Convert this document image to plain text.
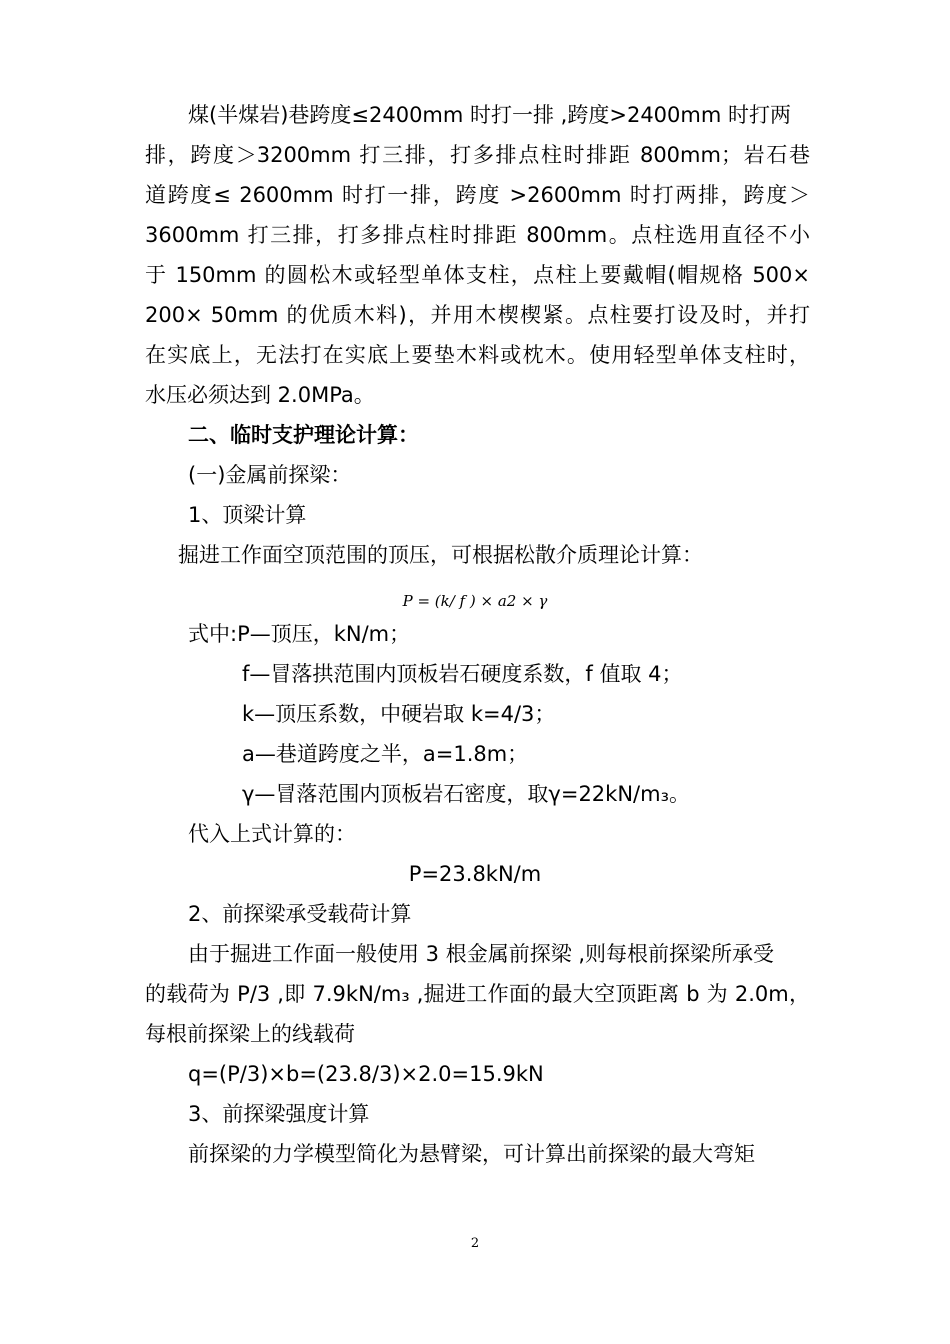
煤(半煤岩)巷跨度≤2400mm 时打一排 ,跨度>2400mm 时打两

排，跨度＞3200mm 打三排，打多排点柱时排距 800mm；岩石巷

道跨度≤ 2600mm 时打一排，跨度 >2600mm 时打两排，跨度＞

3600mm 打三排，打多排点柱时排距 800mm。点柱选用直径不小

于 150mm 的圆松木或轻型单体支柱，点柱上要戴帽(帽规格 500×

200× 50mm 的优质木料)，并用木楔楔紧。点柱要打设及时，并打

在实底上，无法打在实底上要垫木料或枕木。使用轻型单体支柱时，

水压必须达到 2.0MPa。

二、临时支护理论计算：

(一)金属前探梁：

1、顶梁计算

掘进工作面空顶范围的顶压，可根据松散介质理论计算：

P = (k∕ f ) × a2 × γ

式中:P—顶压，kN/m；

f—冒落拱范围内顶板岩石硬度系数，f 值取 4；

k—顶压系数，中硬岩取 k=4/3；

a—巷道跨度之半，a=1.8m；

γ—冒落范围内顶板岩石密度，取γ=22kN/m₃。

代入上式计算的：

P=23.8kN/m

2、前探梁承受载荷计算

由于掘进工作面一般使用 3 根金属前探梁 ,则每根前探梁所承受

的载荷为 P/3 ,即 7.9kN/m₃ ,掘进工作面的最大空顶距离 b 为 2.0m，

每根前探梁上的线载荷

q=(P/3)×b=(23.8/3)×2.0=15.9kN

3、前探梁强度计算

前探梁的力学模型简化为悬臂梁，可计算出前探梁的最大弯矩

2
